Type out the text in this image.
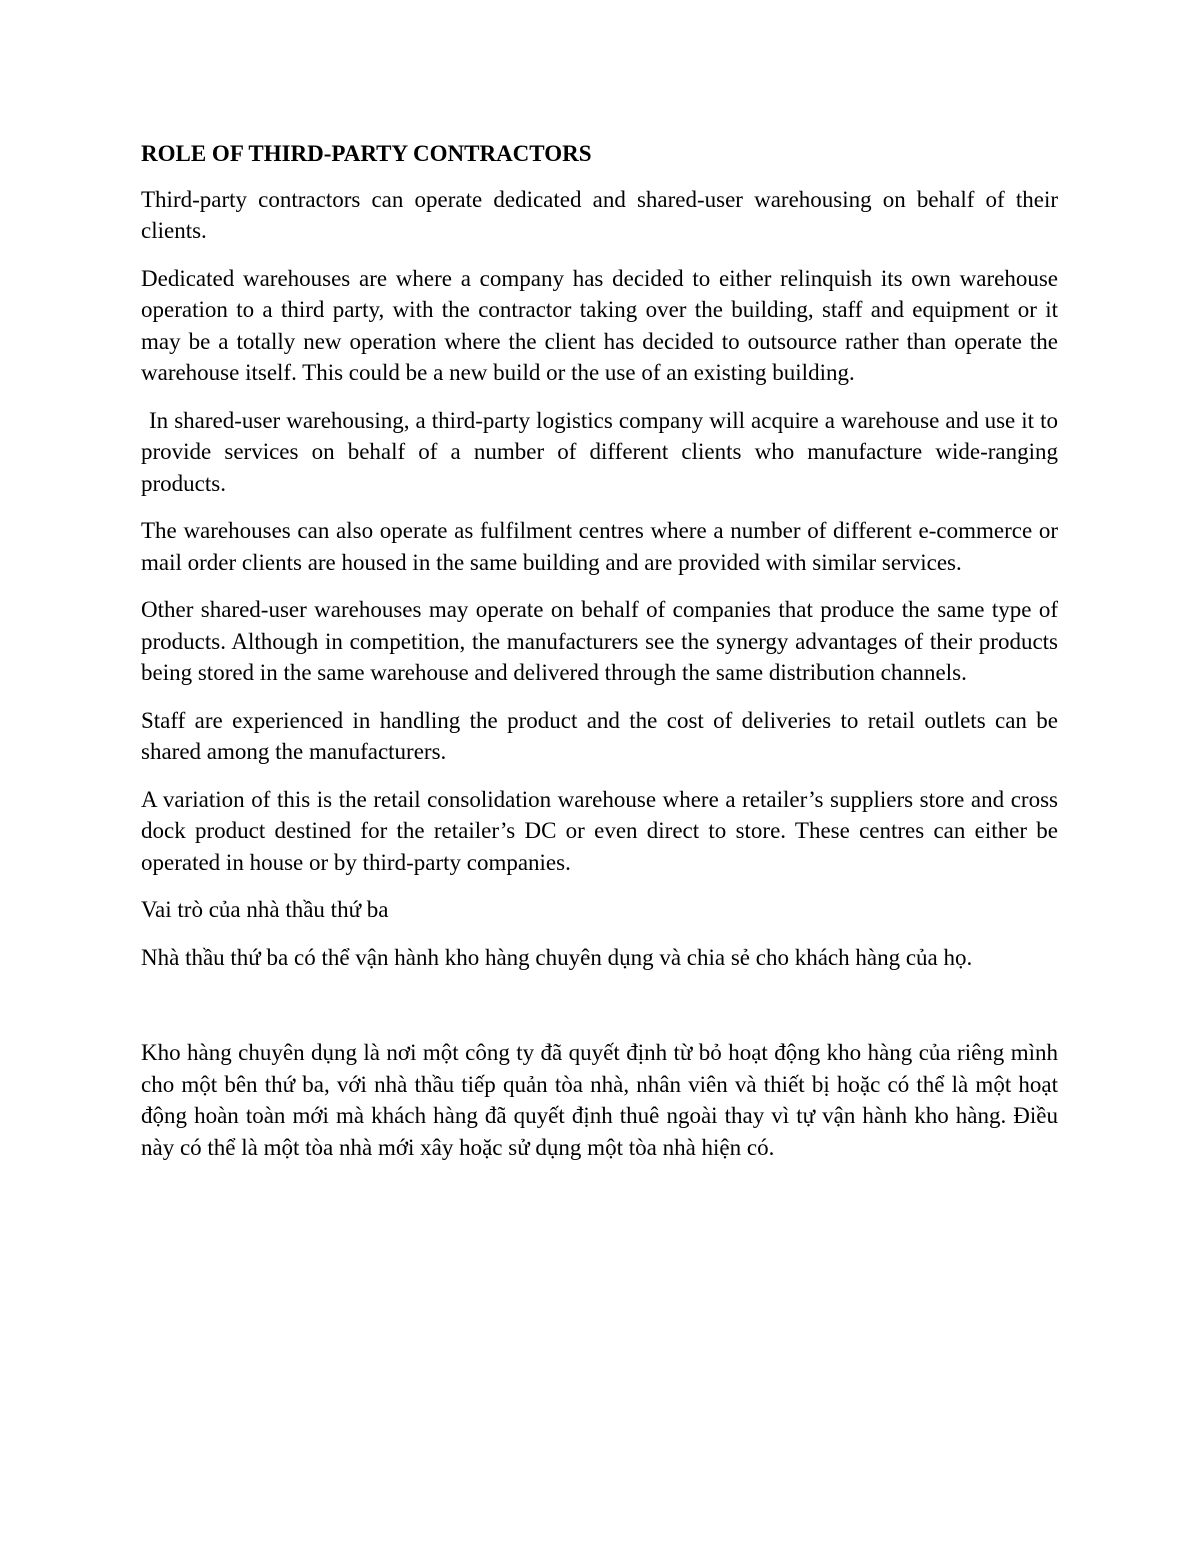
ROLE OF THIRD-PARTY CONTRACTORS

Third-party contractors can operate dedicated and shared-user warehousing on behalf of their clients.

Dedicated warehouses are where a company has decided to either relinquish its own warehouse operation to a third party, with the contractor taking over the building, staff and equipment or it may be a totally new operation where the client has decided to outsource rather than operate the warehouse itself. This could be a new build or the use of an existing building.

In shared-user warehousing, a third-party logistics company will acquire a warehouse and use it to provide services on behalf of a number of different clients who manufacture wide-ranging products.

The warehouses can also operate as fulfilment centres where a number of different e-commerce or mail order clients are housed in the same building and are provided with similar services.

Other shared-user warehouses may operate on behalf of companies that produce the same type of products. Although in competition, the manufacturers see the synergy advantages of their products being stored in the same warehouse and delivered through the same distribution channels.

Staff are experienced in handling the product and the cost of deliveries to retail outlets can be shared among the manufacturers.

A variation of this is the retail consolidation warehouse where a retailer’s suppliers store and cross dock product destined for the retailer’s DC or even direct to store. These centres can either be operated in house or by third-party companies.

Vai trò của nhà thầu thứ ba

Nhà thầu thứ ba có thể vận hành kho hàng chuyên dụng và chia sẻ cho khách hàng của họ.

Kho hàng chuyên dụng là nơi một công ty đã quyết định từ bỏ hoạt động kho hàng của riêng mình cho một bên thứ ba, với nhà thầu tiếp quản tòa nhà, nhân viên và thiết bị hoặc có thể là một hoạt động hoàn toàn mới mà khách hàng đã quyết định thuê ngoài thay vì tự vận hành kho hàng. Điều này có thể là một tòa nhà mới xây hoặc sử dụng một tòa nhà hiện có.
